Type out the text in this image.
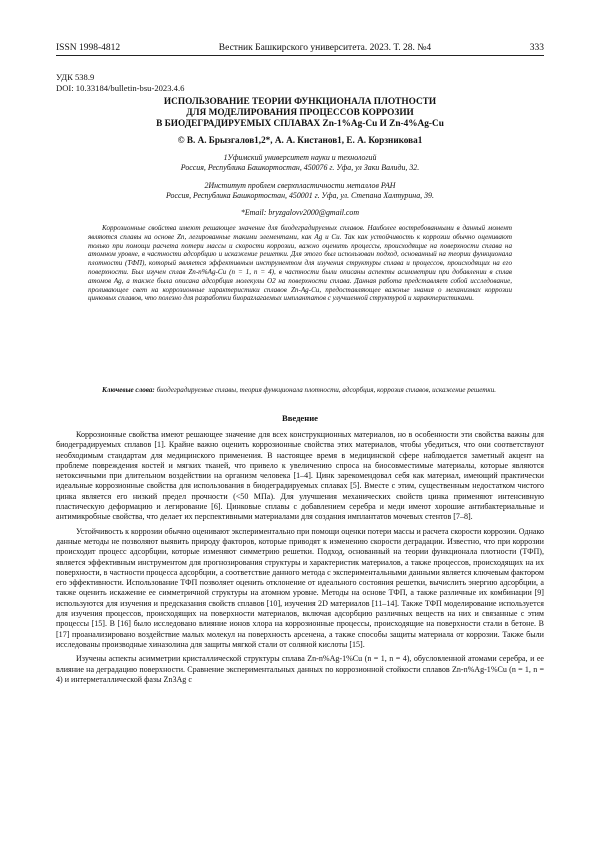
ISSN 1998-4812	Вестник Башкирского университета. 2023. Т. 28. №4	333
УДК 538.9
DOI: 10.33184/bulletin-bsu-2023.4.6
ИСПОЛЬЗОВАНИЕ ТЕОРИИ ФУНКЦИОНАЛА ПЛОТНОСТИ
ДЛЯ МОДЕЛИРОВАНИЯ ПРОЦЕССОВ КОРРОЗИИ
В БИОДЕГРАДИРУЕМЫХ СПЛАВАХ Zn-1%Ag-Cu И Zn-4%Ag-Cu
© В. А. Брызгалов1,2*, А. А. Кистанов1, Е. А. Корзникова1
1Уфимский университет науки и технологий
Россия, Республика Башкортостан, 450076 г. Уфа, ул Заки Валиди, 32.
2Институт проблем сверхпластичности металлов РАН
Россия, Республика Башкортостан, 450001 г. Уфа, ул. Степана Халтурина, 39.
*Email: bryzgalovv2000@gmail.com

Коррозионные свойства имеют решающее значение для биодеградируемых сплавов. Наиболее востребованными в данный момент являются сплавы на основе Zn, легированные такими элементами, как Ag и Cu. Так как устойчивость к коррозии обычно оценивают только при помощи расчета потери массы и скорости коррозии, важно оценить процессы, происходящие на поверхности сплава на атомном уровне, в частности адсорбцию и искажение решетки. Для этого был использован подход, основанный на теории функционала плотности (ТФП), который является эффективным инструментом для изучения структуры сплава и процессов, происходящих на его поверхности. Был изучен сплав Zn-n%Ag-Cu (n = 1, n = 4), в частности были описаны аспекты асимметрии при добавлении в сплав атомов Ag, а также была описана адсорбция молекулы O2 на поверхности сплава. Данная работа представляет собой исследование, проливающее свет на коррозионные характеристики сплавов Zn-Ag-Cu, предоставляющее важные знания о механизмах коррозии цинковых сплавов, что полезно для разработки биорazлагаемых имплантатов с улучшенной структурой и характеристиками.

Ключевые слова: биодеградируемые сплавы, теория функционала плотности, адсорбция, коррозия сплавов, искажение решетки.

Введение

Коррозионные свойства имеют решающее значение для всех конструкционных материалов, но в особенности эти свойства важны для биодеградируемых сплавов [1]. Крайне важно оценить коррозионные свойства этих материалов, чтобы убедиться, что они соответствуют необходимым стандартам для медицинского применения. В настоящее время в медицинской сфере наблюдается заметный акцент на проблеме повреждения костей и мягких тканей, что привело к увеличению спроса на биосовместимые материалы, которые являются нетоксичными при длительном воздействии на организм человека [1–4]. Цинк зарекомендовал себя как материал, имеющий практически идеальные коррозионные свойства для использования в биодеградируемых сплавах [5]. Вместе с этим, существенным недостатком чистого цинка является его низкий предел прочности (<50 МПа). Для улучшения механических свойств цинка применяют интенсивную пластическую деформацию и легирование [6]. Цинковые сплавы с добавлением серебра и меди имеют хорошие антибактериальные и антимикробные свойства, что делает их перспективными материалами для создания имплантатов мочевых стентов [7–8].

Устойчивость к коррозии обычно оценивают экспериментально при помощи оценки потери массы и расчета скорости коррозии. Однако данные методы не позволяют выявить природу факторов, которые приводят к изменению скорости деградации. Известно, что при коррозии происходит процесс адсорбции, которые изменяют симметрию решетки. Подход, основанный на теории функционала плотности (ТФП), является эффективным инструментом для прогнозирования структуры и характеристик материалов, а также процессов, происходящих на их поверхности, в частности процесса адсорбции, а соответствие данного метода с экспериментальными данными является ключевым фактором его эффективности. Использование ТФП позволяет оценить отклонение от идеального состояния решетки, вычислить энергию адсорбции, а также оценить искажение ее симметричной структуры на атомном уровне. Методы на основе ТФП, а также различные их комбинации [9] используются для изучения и предсказания свойств сплавов [10], изучения 2D материалов [11–14]. Также ТФП моделирование используется для изучения процессов, происходящих на поверхности материалов, включая адсорбцию различных веществ на них и связанные с этим процессы [15]. В [16] было исследовано влияние ионов хлора на коррозионные процессы, происходящие на поверхности стали в бетоне. В [17] проанализировано воздействие малых молекул на поверхность арсенена, а также способы защиты материала от коррозии. Также были исследованы производные хиназолина для защиты мягкой стали от соляной кислоты [15].

Изучены аспекты асимметрии кристаллической структуры сплава Zn-n%Ag-1%Cu (n = 1, n = 4), обусловленной атомами серебра, и ее влияние на деградацию поверхности. Сравнение экспериментальных данных по коррозионной стойкости сплавов Zn-n%Ag-1%Cu (n = 1, n = 4) и интерметаллической фазы Zn3Ag с
